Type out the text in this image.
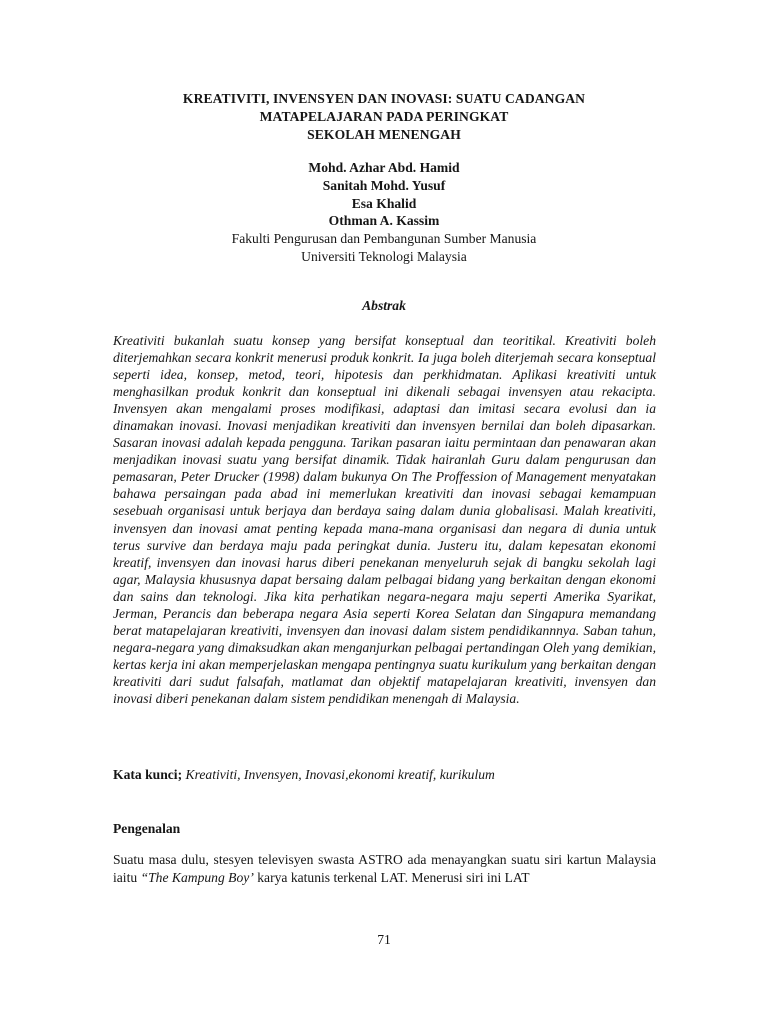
KREATIVITI, INVENSYEN DAN INOVASI: SUATU CADANGAN
MATAPELAJARAN PADA PERINGKAT
SEKOLAH MENENGAH
Mohd. Azhar Abd. Hamid
Sanitah Mohd. Yusuf
Esa Khalid
Othman A. Kassim
Fakulti Pengurusan dan Pembangunan Sumber Manusia
Universiti Teknologi Malaysia
Abstrak
Kreativiti bukanlah suatu konsep yang bersifat konseptual dan teoritikal. Kreativiti boleh diterjemahkan secara konkrit menerusi produk konkrit. Ia juga boleh diterjemah secara konseptual seperti idea, konsep, metod, teori, hipotesis dan perkhidmatan. Aplikasi kreativiti untuk menghasilkan produk konkrit dan konseptual ini dikenali sebagai invensyen atau rekacipta. Invensyen akan mengalami proses modifikasi, adaptasi dan imitasi secara evolusi dan ia dinamakan inovasi. Inovasi menjadikan kreativiti dan invensyen bernilai dan boleh dipasarkan. Sasaran inovasi adalah kepada pengguna. Tarikan pasaran iaitu permintaan dan penawaran akan menjadikan inovasi suatu yang bersifat dinamik. Tidak hairanlah Guru dalam pengurusan dan pemasaran, Peter Drucker (1998) dalam bukunya On The Proffession of Management menyatakan bahawa persaingan pada abad ini memerlukan kreativiti dan inovasi sebagai kemampuan sesebuah organisasi untuk berjaya dan berdaya saing dalam dunia globalisasi. Malah kreativiti, invensyen dan inovasi amat penting kepada mana-mana organisasi dan negara di dunia untuk terus survive dan berdaya maju pada peringkat dunia. Justeru itu, dalam kepesatan ekonomi kreatif, invensyen dan inovasi harus diberi penekanan menyeluruh sejak di bangku sekolah lagi agar, Malaysia khususnya dapat bersaing dalam pelbagai bidang yang berkaitan dengan ekonomi dan sains dan teknologi. Jika kita perhatikan negara-negara maju seperti Amerika Syarikat, Jerman, Perancis dan beberapa negara Asia seperti Korea Selatan dan Singapura memandang berat matapelajaran kreativiti, invensyen dan inovasi dalam sistem pendidikannnya. Saban tahun, negara-negara yang dimaksudkan akan menganjurkan pelbagai pertandingan Oleh yang demikian, kertas kerja ini akan memperjelaskan mengapa pentingnya suatu kurikulum yang berkaitan dengan kreativiti dari sudut falsafah, matlamat dan objektif matapelajaran kreativiti, invensyen dan inovasi diberi penekanan dalam sistem pendidikan menengah di Malaysia.
Kata kunci; Kreativiti, Invensyen, Inovasi,ekonomi kreatif, kurikulum
Pengenalan
Suatu masa dulu, stesyen televisyen swasta ASTRO ada menayangkan suatu siri kartun Malaysia iaitu “The Kampung Boy’ karya katunis terkenal LAT. Menerusi siri ini LAT
71
